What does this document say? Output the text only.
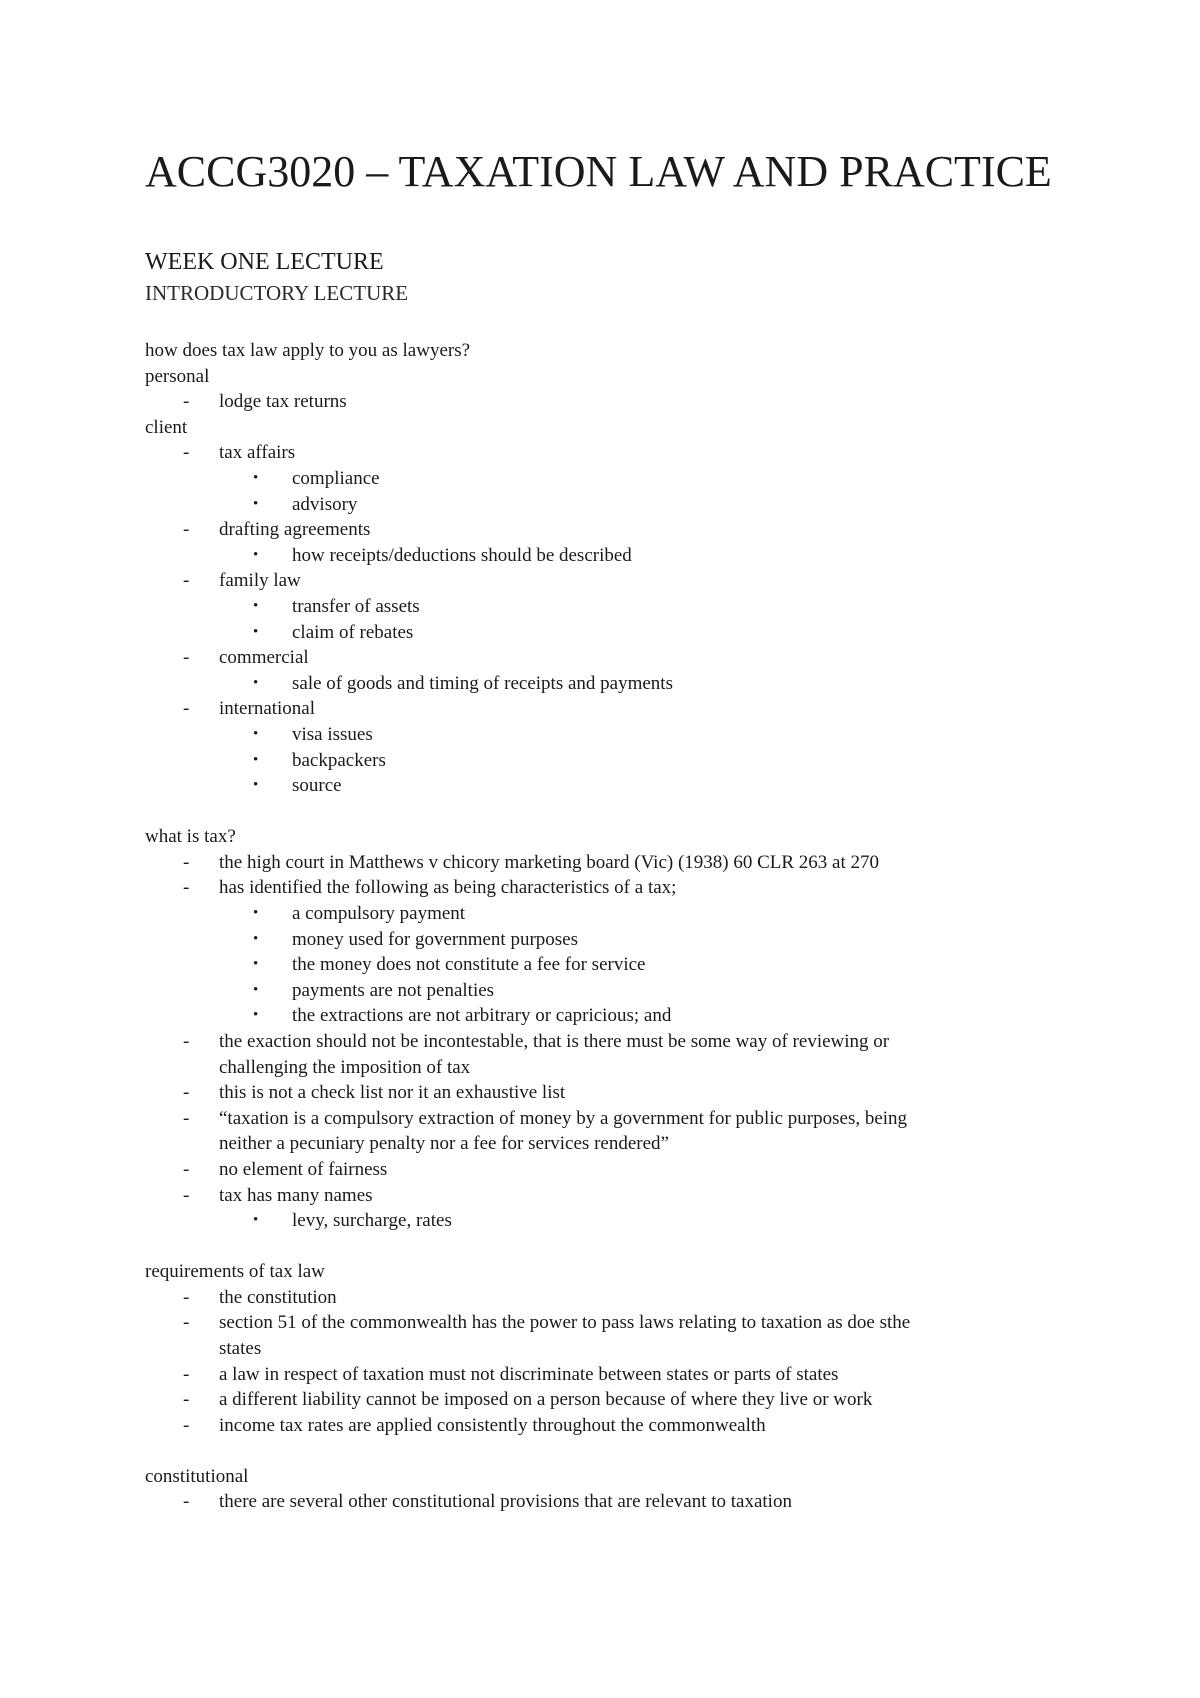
ACCG3020 – TAXATION LAW AND PRACTICE
WEEK ONE LECTURE
INTRODUCTORY LECTURE
how does tax law apply to you as lawyers?
personal
- lodge tax returns
client
- tax affairs
• compliance
• advisory
- drafting agreements
• how receipts/deductions should be described
- family law
• transfer of assets
• claim of rebates
- commercial
• sale of goods and timing of receipts and payments
- international
• visa issues
• backpackers
• source
what is tax?
- the high court in Matthews v chicory marketing board (Vic) (1938) 60 CLR 263 at 270
- has identified the following as being characteristics of a tax;
• a compulsory payment
• money used for government purposes
• the money does not constitute a fee for service
• payments are not penalties
• the extractions are not arbitrary or capricious; and
- the exaction should not be incontestable, that is there must be some way of reviewing or
challenging the imposition of tax
- this is not a check list nor it an exhaustive list
- “taxation is a compulsory extraction of money by a government for public purposes, being
neither a pecuniary penalty nor a fee for services rendered”
- no element of fairness
- tax has many names
• levy, surcharge, rates
requirements of tax law
- the constitution
- section 51 of the commonwealth has the power to pass laws relating to taxation as doe sthe
states
- a law in respect of taxation must not discriminate between states or parts of states
- a different liability cannot be imposed on a person because of where they live or work
- income tax rates are applied consistently throughout the commonwealth
constitutional
- there are several other constitutional provisions that are relevant to taxation
